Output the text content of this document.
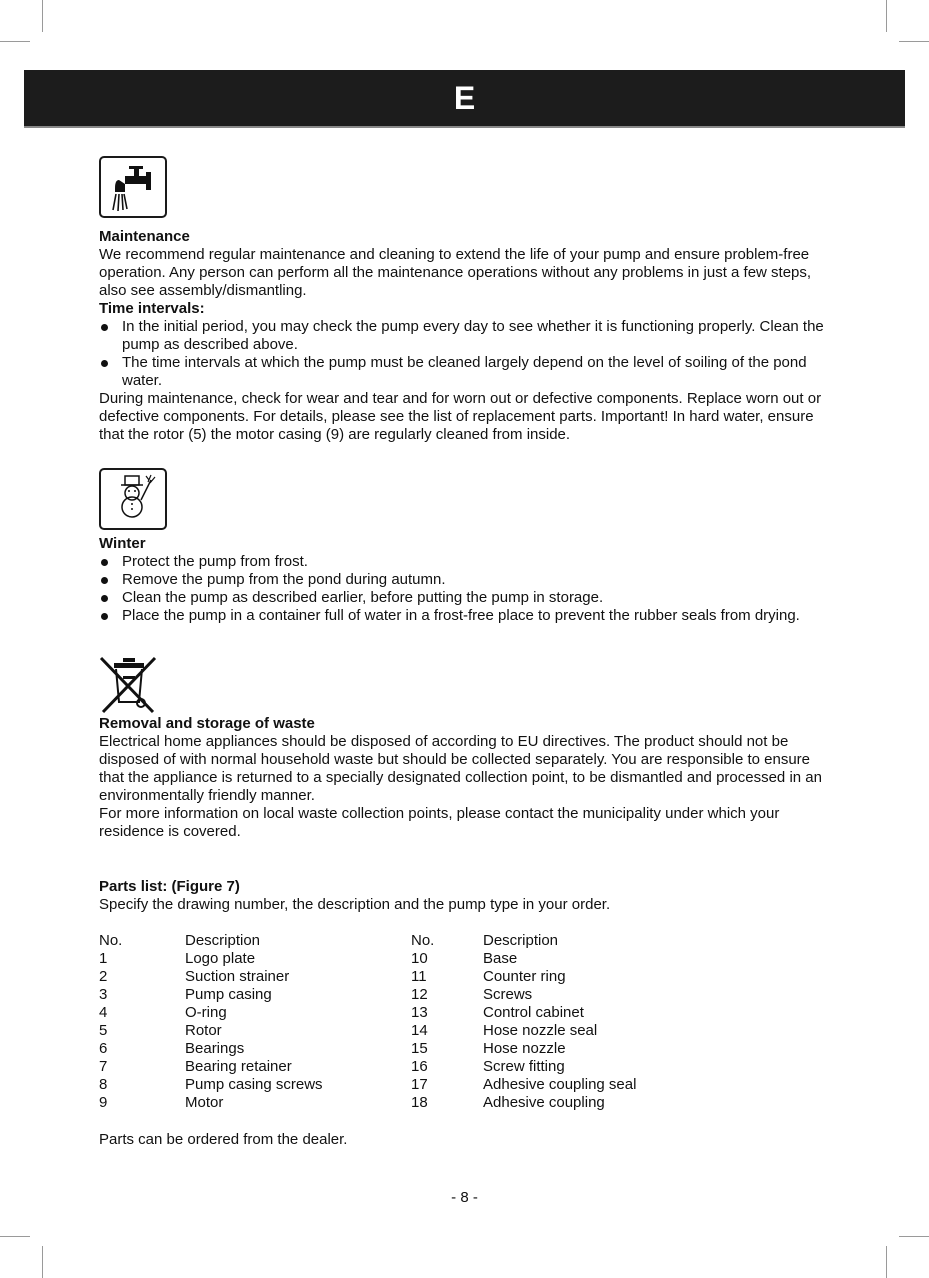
E
Maintenance

We recommend regular maintenance and cleaning to extend the life of your pump and ensure problem-free operation. Any person can perform all the maintenance operations without any problems in just a few steps, also see assembly/dismantling.

Time intervals:
In the initial period, you may check the pump every day to see whether it is functioning properly. Clean the pump as described above.
The time intervals at which the pump must be cleaned largely depend on the level of soiling of the pond water.

During maintenance, check for wear and tear and for worn out or defective components. Replace worn out or defective components. For details, please see the list of replacement parts. Important! In hard water, ensure that the rotor (5) the motor casing (9) are regularly cleaned from inside.

Winter
Protect the pump from frost.
Remove the pump from the pond during autumn.
Clean the pump as described earlier, before putting the pump in storage.
Place the pump in a container full of water in a frost-free place to prevent the rubber seals from drying.
Removal and storage of waste

Electrical home appliances should be disposed of according to EU directives. The product should not be disposed of with normal household waste but should be collected separately. You are responsible to ensure that the appliance is returned to a specially designated collection point, to be dismantled and processed in an environmentally friendly manner.

For more information on local waste collection points, please contact the municipality under which your residence is covered.

Parts list: (Figure 7)

Specify the drawing number, the description and the pump type in your order.

No.	Description	No.	Description
1	Logo plate	10	Base
2	Suction strainer	11	Counter ring
3	Pump casing	12	Screws
4	O-ring	13	Control cabinet
5	Rotor	14	Hose nozzle seal
6	Bearings	15	Hose nozzle
7	Bearing retainer	16	Screw fitting
8	Pump casing screws	17	Adhesive coupling seal
9	Motor	18	Adhesive coupling

Parts can be ordered from the dealer.

- 8 -
